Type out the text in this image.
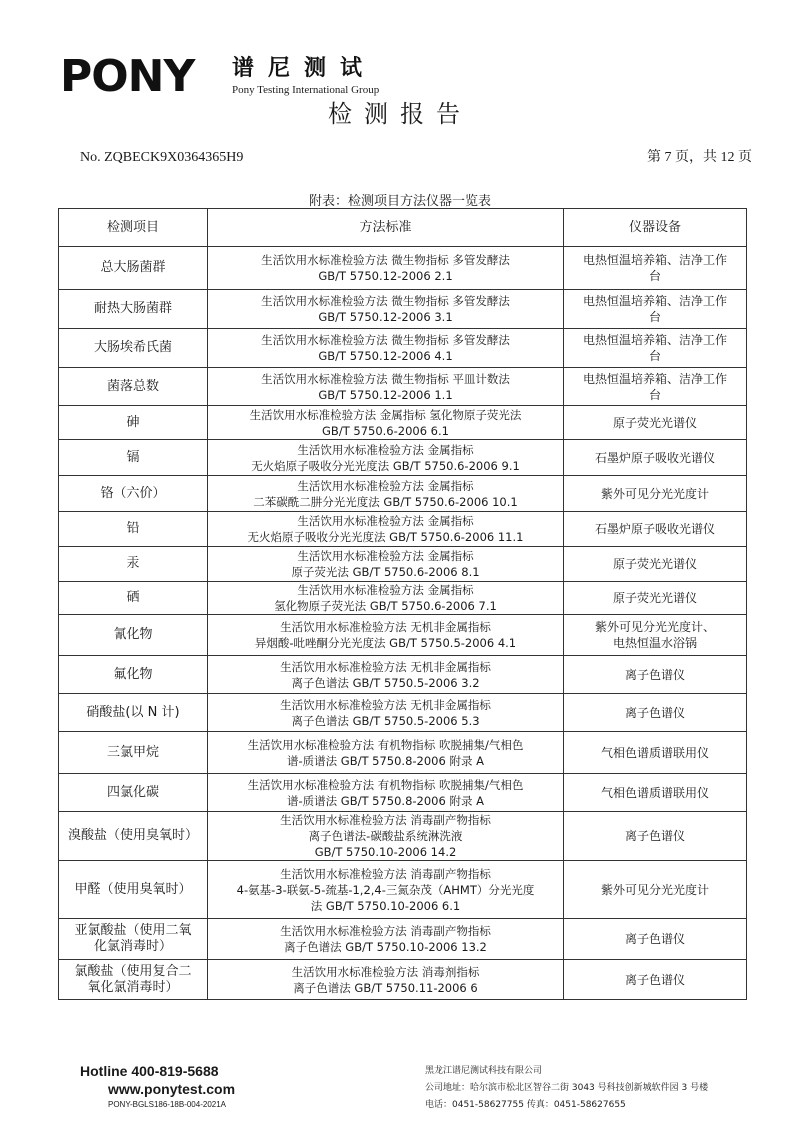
PONY 谱尼测试
Pony Testing International Group
检测报告
No. ZQBECK9X0364365H9	第 7 页，共 12 页
附表：检测项目方法仪器一览表
检测项目	方法标准	仪器设备

总大肠菌群	生活饮用水标准检验方法 微生物指标 多管发酵法
GB/T 5750.12-2006 2.1	电热恒温培养箱、洁净工作
台

耐热大肠菌群	生活饮用水标准检验方法 微生物指标 多管发酵法
GB/T 5750.12-2006 3.1	电热恒温培养箱、洁净工作
台

大肠埃希氏菌	生活饮用水标准检验方法 微生物指标 多管发酵法
GB/T 5750.12-2006 4.1	电热恒温培养箱、洁净工作
台

菌落总数	生活饮用水标准检验方法 微生物指标 平皿计数法
GB/T 5750.12-2006 1.1	电热恒温培养箱、洁净工作
台

砷	生活饮用水标准检验方法 金属指标 氢化物原子荧光法
GB/T 5750.6-2006 6.1	原子荧光光谱仪

镉	生活饮用水标准检验方法 金属指标
无火焰原子吸收分光光度法 GB/T 5750.6-2006 9.1	石墨炉原子吸收光谱仪

铬（六价）	生活饮用水标准检验方法 金属指标
二苯碳酰二肼分光光度法 GB/T 5750.6-2006 10.1	紫外可见分光光度计

铅	生活饮用水标准检验方法 金属指标
无火焰原子吸收分光光度法 GB/T 5750.6-2006 11.1	石墨炉原子吸收光谱仪

汞	生活饮用水标准检验方法 金属指标
原子荧光法 GB/T 5750.6-2006 8.1	原子荧光光谱仪

硒	生活饮用水标准检验方法 金属指标
氢化物原子荧光法 GB/T 5750.6-2006 7.1	原子荧光光谱仪

氰化物	生活饮用水标准检验方法 无机非金属指标
异烟酸-吡唑酮分光光度法 GB/T 5750.5-2006 4.1	紫外可见分光光度计、
电热恒温水浴锅

氟化物	生活饮用水标准检验方法 无机非金属指标
离子色谱法 GB/T 5750.5-2006 3.2	离子色谱仪

硝酸盐(以 N 计)	生活饮用水标准检验方法 无机非金属指标
离子色谱法 GB/T 5750.5-2006 5.3	离子色谱仪

三氯甲烷	生活饮用水标准检验方法 有机物指标 吹脱捕集/气相色
谱-质谱法 GB/T 5750.8-2006 附录 A	气相色谱质谱联用仪

四氯化碳	生活饮用水标准检验方法 有机物指标 吹脱捕集/气相色
谱-质谱法 GB/T 5750.8-2006 附录 A	气相色谱质谱联用仪

溴酸盐（使用臭氧时）	生活饮用水标准检验方法 消毒副产物指标
离子色谱法-碳酸盐系统淋洗液
GB/T 5750.10-2006 14.2	离子色谱仪

甲醛（使用臭氧时）	生活饮用水标准检验方法 消毒副产物指标
4-氨基-3-联氨-5-巯基-1,2,4-三氮杂茂（AHMT）分光光度
法 GB/T 5750.10-2006 6.1	紫外可见分光光度计

亚氯酸盐（使用二氧
化氯消毒时）	生活饮用水标准检验方法 消毒副产物指标
离子色谱法 GB/T 5750.10-2006 13.2	离子色谱仪

氯酸盐（使用复合二
氧化氯消毒时）	生活饮用水标准检验方法 消毒剂指标
离子色谱法 GB/T 5750.11-2006 6	离子色谱仪
Hotline 400-819-5688
www.ponytest.com
PONY-BGLS186-18B-004-2021A
黑龙江谱尼测试科技有限公司
公司地址：哈尔滨市松北区智谷二街 3043 号科技创新城软件园 3 号楼
电话：0451-58627755 传真：0451-58627655
